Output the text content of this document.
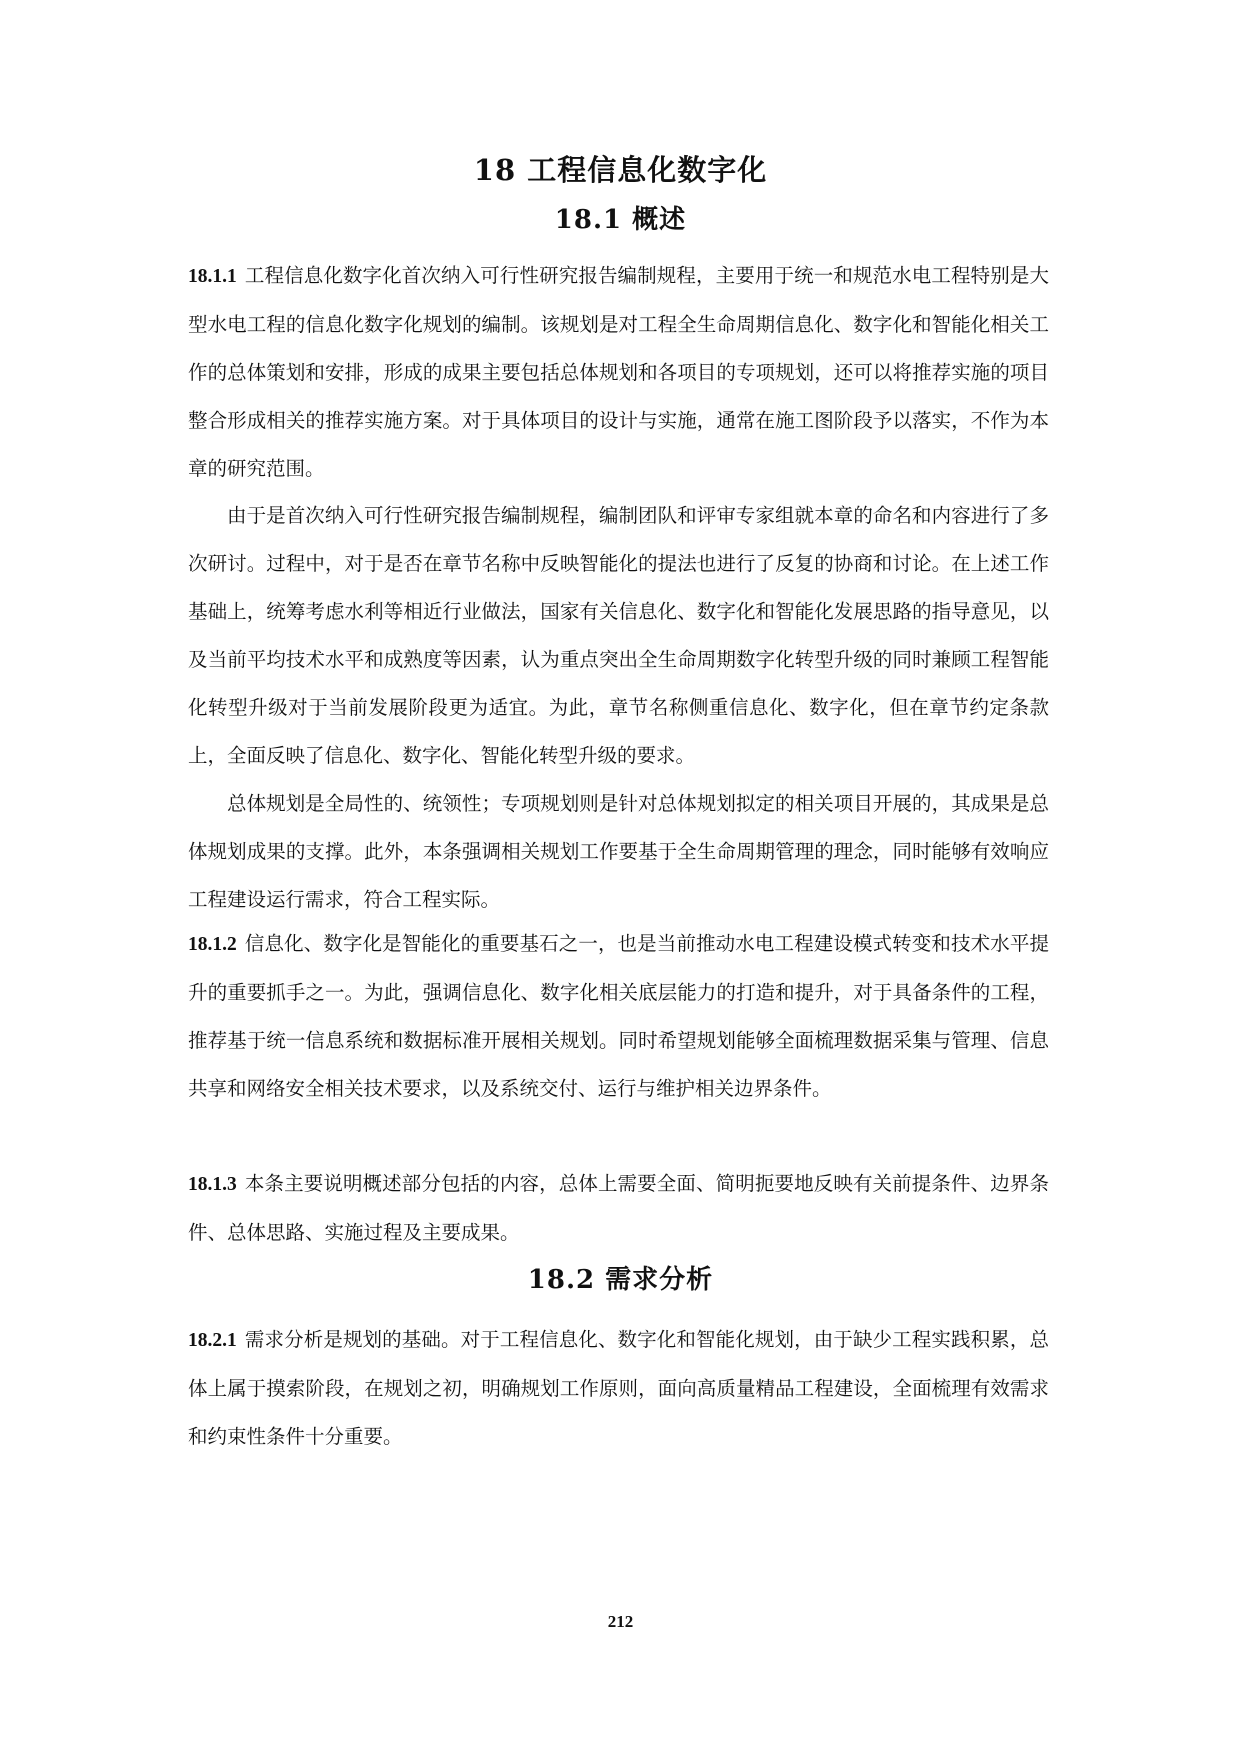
18 工程信息化数字化
18.1 概述

18.1.1 工程信息化数字化首次纳入可行性研究报告编制规程，主要用于统一和规范水电工程特别是大型水电工程的信息化数字化规划的编制。该规划是对工程全生命周期信息化、数字化和智能化相关工作的总体策划和安排，形成的成果主要包括总体规划和各项目的专项规划，还可以将推荐实施的项目整合形成相关的推荐实施方案。对于具体项目的设计与实施，通常在施工图阶段予以落实，不作为本章的研究范围。

由于是首次纳入可行性研究报告编制规程，编制团队和评审专家组就本章的命名和内容进行了多次研讨。过程中，对于是否在章节名称中反映智能化的提法也进行了反复的协商和讨论。在上述工作基础上，统筹考虑水利等相近行业做法，国家有关信息化、数字化和智能化发展思路的指导意见，以及当前平均技术水平和成熟度等因素，认为重点突出全生命周期数字化转型升级的同时兼顾工程智能化转型升级对于当前发展阶段更为适宜。为此，章节名称侧重信息化、数字化，但在章节约定条款上，全面反映了信息化、数字化、智能化转型升级的要求。

总体规划是全局性的、统领性；专项规划则是针对总体规划拟定的相关项目开展的，其成果是总体规划成果的支撑。此外，本条强调相关规划工作要基于全生命周期管理的理念，同时能够有效响应工程建设运行需求，符合工程实际。

18.1.2 信息化、数字化是智能化的重要基石之一，也是当前推动水电工程建设模式转变和技术水平提升的重要抓手之一。为此，强调信息化、数字化相关底层能力的打造和提升，对于具备条件的工程，推荐基于统一信息系统和数据标准开展相关规划。同时希望规划能够全面梳理数据采集与管理、信息共享和网络安全相关技术要求，以及系统交付、运行与维护相关边界条件。

18.1.3 本条主要说明概述部分包括的内容，总体上需要全面、简明扼要地反映有关前提条件、边界条件、总体思路、实施过程及主要成果。

18.2 需求分析

18.2.1 需求分析是规划的基础。对于工程信息化、数字化和智能化规划，由于缺少工程实践积累，总体上属于摸索阶段，在规划之初，明确规划工作原则，面向高质量精品工程建设，全面梳理有效需求和约束性条件十分重要。

212
